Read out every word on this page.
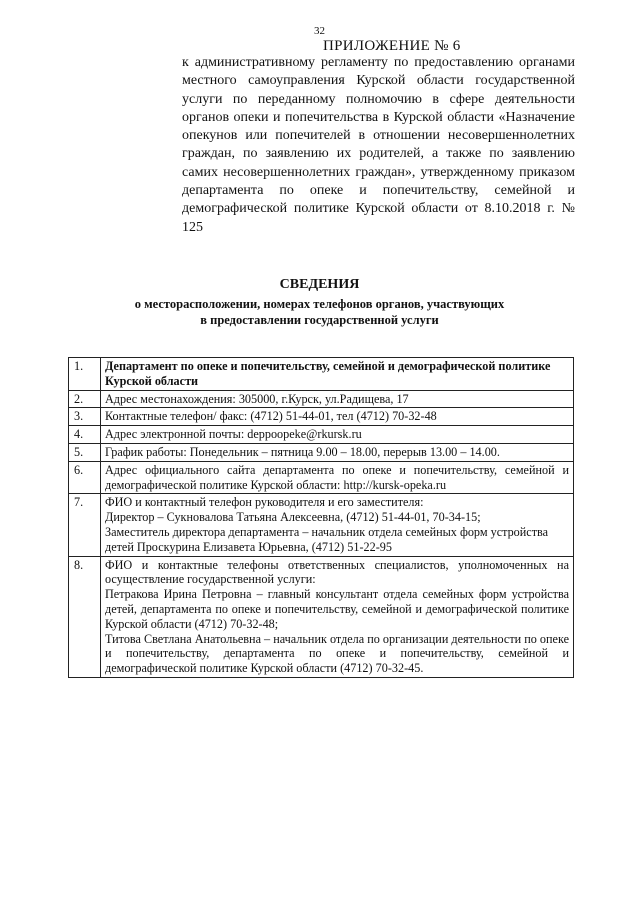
32
ПРИЛОЖЕНИЕ № 6
к административному регламенту по предоставлению органами местного самоуправления Курской области государственной услуги по переданному полномочию в сфере деятельности органов опеки и попечительства в Курской области «Назначение опекунов или попечителей в отношении несовершеннолетних граждан, по заявлению их родителей, а также по заявлению самих несовершеннолетних граждан», утвержденному приказом департамента по опеке и попечительству, семейной и демографической политике Курской области от 8.10.2018 г. № 125
СВЕДЕНИЯ
о месторасположении, номерах телефонов органов, участвующих
в предоставлении государственной услуги
1.	Департамент по опеке и попечительству, семейной и демографической политике Курской области
2.	Адрес местонахождения: 305000, г.Курск, ул.Радищева, 17
3.	Контактные телефон/ факс: (4712) 51-44-01, тел (4712) 70-32-48
4.	Адрес электронной почты: deppoopeke@rkursk.ru
5.	График работы: Понедельник – пятница 9.00 – 18.00, перерыв 13.00 – 14.00.
6.	Адрес официального сайта департамента по опеке и попечительству, семейной и демографической политике Курской области: http://kursk-opeka.ru
7.	ФИО и контактный телефон руководителя и его заместителя:
Директор – Сукновалова Татьяна Алексеевна, (4712) 51-44-01, 70-34-15;
Заместитель директора департамента – начальник отдела семейных форм устройства детей Проскурина Елизавета Юрьевна, (4712) 51-22-95

8.	ФИО и контактные телефоны ответственных специалистов, уполномоченных на осуществление государственной услуги:
Петракова Ирина Петровна – главный консультант отдела семейных форм устройства детей, департамента по опеке и попечительству, семейной и демографической политике Курской области (4712) 70-32-48;
Титова Светлана Анатольевна – начальник отдела по организации деятельности по опеке и попечительству, департамента по опеке и попечительству, семейной и демографической политике Курской области (4712) 70-32-45.
